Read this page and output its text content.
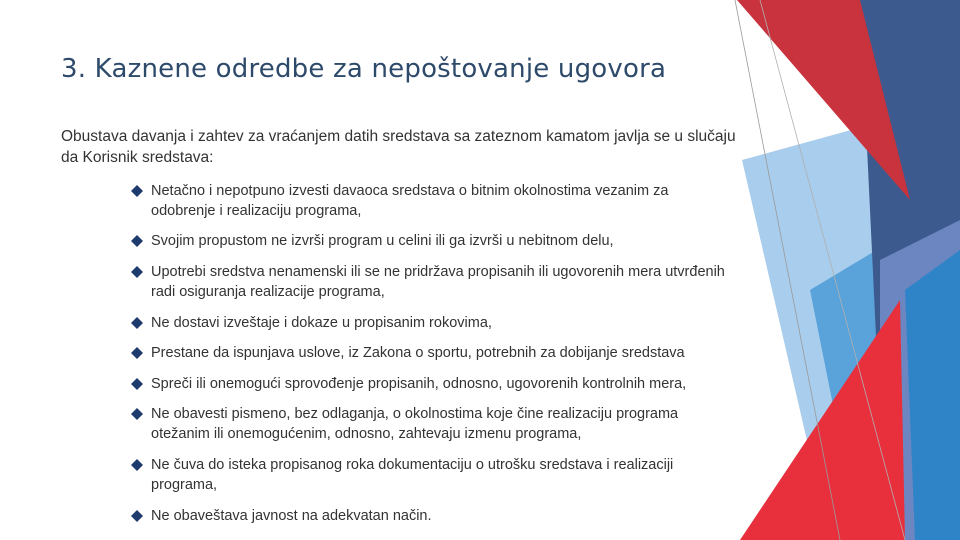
3. Kaznene odredbe za nepoštovanje ugovora
Obustava davanja i zahtev za vraćanjem datih sredstava sa zateznom kamatom javlja se u slučaju da Korisnik sredstava:
Netačno i nepotpuno izvesti davaoca sredstava o bitnim okolnostima vezanim za odobrenje i realizaciju programa,
Svojim propustom ne izvrši program u celini ili ga izvrši u nebitnom delu,
Upotrebi sredstva nenamenski ili se ne pridržava propisanih ili ugovorenih mera utvrđenih radi osiguranja realizacije programa,
Ne dostavi izveštaje i dokaze u propisanim rokovima,
Prestane da ispunjava uslove, iz Zakona o sportu, potrebnih za dobijanje sredstava
Spreči ili onemogući sprovođenje propisanih, odnosno, ugovorenih kontrolnih mera,
Ne obavesti pismeno, bez odlaganja, o okolnostima koje čine realizaciju programa otežanim ili onemogućenim, odnosno, zahtevaju izmenu programa,
Ne čuva do isteka propisanog roka dokumentaciju o utrošku sredstava i realizaciji programa,
Ne obaveštava javnost na adekvatan način.
